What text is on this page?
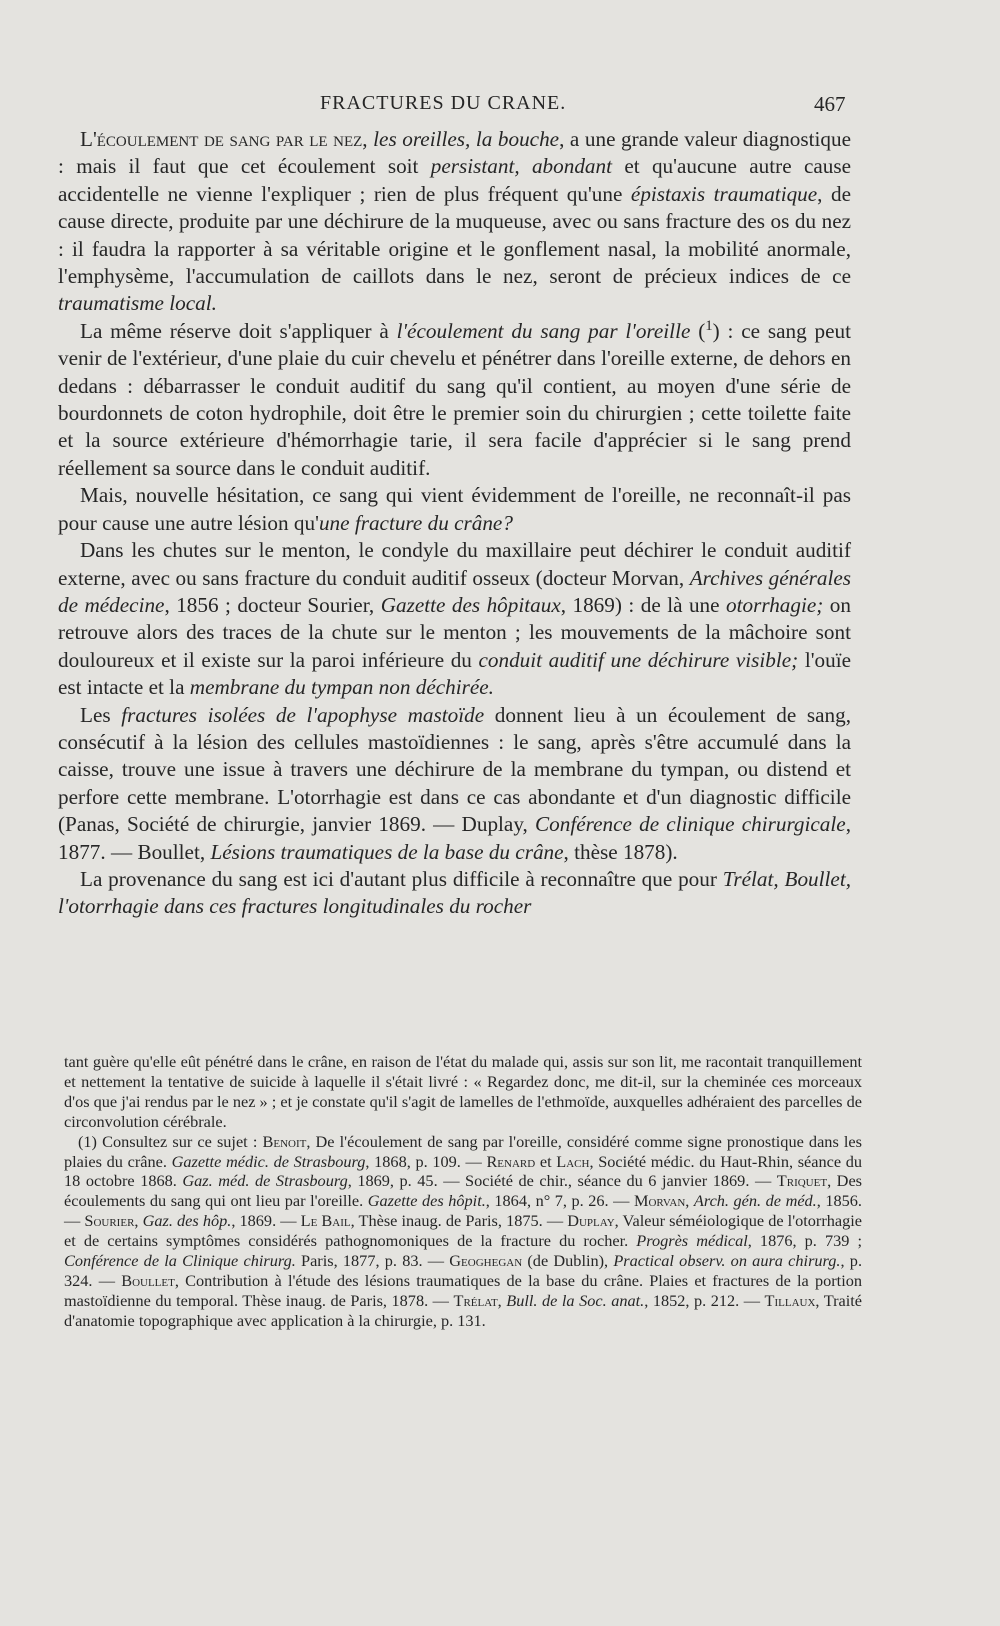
FRACTURES DU CRANE.	467

L'écoulement de sang par le nez, les oreilles, la bouche, a une grande valeur diagnostique : mais il faut que cet écoulement soit persistant, abondant et qu'aucune autre cause accidentelle ne vienne l'expliquer ; rien de plus fréquent qu'une épistaxis traumatique, de cause directe, produite par une déchirure de la muqueuse, avec ou sans fracture des os du nez : il faudra la rapporter à sa véritable origine et le gonflement nasal, la mobilité anormale, l'emphysème, l'accumulation de caillots dans le nez, seront de précieux indices de ce traumatisme local.

La même réserve doit s'appliquer à l'écoulement du sang par l'oreille ($^1$) : ce sang peut venir de l'extérieur, d'une plaie du cuir chevelu et pénétrer dans l'oreille externe, de dehors en dedans : débarrasser le conduit auditif du sang qu'il contient, au moyen d'une série de bourdonnets de coton hydrophile, doit être le premier soin du chirurgien ; cette toilette faite et la source extérieure d'hémorrhagie tarie, il sera facile d'apprécier si le sang prend réellement sa source dans le conduit auditif.

Mais, nouvelle hésitation, ce sang qui vient évidemment de l'oreille, ne reconnaît-il pas pour cause une autre lésion qu'une fracture du crâne?

Dans les chutes sur le menton, le condyle du maxillaire peut déchirer le conduit auditif externe, avec ou sans fracture du conduit auditif osseux (docteur Morvan, Archives générales de médecine, 1856 ; docteur Sourier, Gazette des hôpitaux, 1869) : de là une otorrhagie; on retrouve alors des traces de la chute sur le menton ; les mouvements de la mâchoire sont douloureux et il existe sur la paroi inférieure du conduit auditif une déchirure visible; l'ouïe est intacte et la membrane du tympan non déchirée.

Les fractures isolées de l'apophyse mastoïde donnent lieu à un écoulement de sang, consécutif à la lésion des cellules mastoïdiennes : le sang, après s'être accumulé dans la caisse, trouve une issue à travers une déchirure de la membrane du tympan, ou distend et perfore cette membrane. L'otorrhagie est dans ce cas abondante et d'un diagnostic difficile (Panas, Société de chirurgie, janvier 1869. — Duplay, Conférence de clinique chirurgicale, 1877. — Boullet, Lésions traumatiques de la base du crâne, thèse 1878).

La provenance du sang est ici d'autant plus difficile à reconnaître que pour Trélat, Boullet, l'otorrhagie dans ces fractures longitudinales du rocher

tant guère qu'elle eût pénétré dans le crâne, en raison de l'état du malade qui, assis sur son lit, me racontait tranquillement et nettement la tentative de suicide à laquelle il s'était livré : « Regardez donc, me dit-il, sur la cheminée ces morceaux d'os que j'ai rendus par le nez » ; et je constate qu'il s'agit de lamelles de l'ethmoïde, auxquelles adhéraient des parcelles de circonvolution cérébrale.

(1) Consultez sur ce sujet : Benoit, De l'écoulement de sang par l'oreille, considéré comme signe pronostique dans les plaies du crâne. Gazette médic. de Strasbourg, 1868, p. 109. — Renard et Lach, Société médic. du Haut-Rhin, séance du 18 octobre 1868. Gaz. méd. de Strasbourg, 1869, p. 45. — Société de chir., séance du 6 janvier 1869. — Triquet, Des écoulements du sang qui ont lieu par l'oreille. Gazette des hôpit., 1864, n° 7, p. 26. — Morvan, Arch. gén. de méd., 1856. — Sourier, Gaz. des hôp., 1869. — Le Bail, Thèse inaug. de Paris, 1875. — Duplay, Valeur séméiologique de l'otorrhagie et de certains symptômes considérés pathognomoniques de la fracture du rocher. Progrès médical, 1876, p. 739 ; Conférence de la Clinique chirurg. Paris, 1877, p. 83. — Geoghegan (de Dublin), Practical observ. on aura chirurg., p. 324. — Boullet, Contribution à l'étude des lésions traumatiques de la base du crâne. Plaies et fractures de la portion mastoïdienne du temporal. Thèse inaug. de Paris, 1878. — Trélat, Bull. de la Soc. anat., 1852, p. 212. — Tillaux, Traité d'anatomie topographique avec application à la chirurgie, p. 131.
